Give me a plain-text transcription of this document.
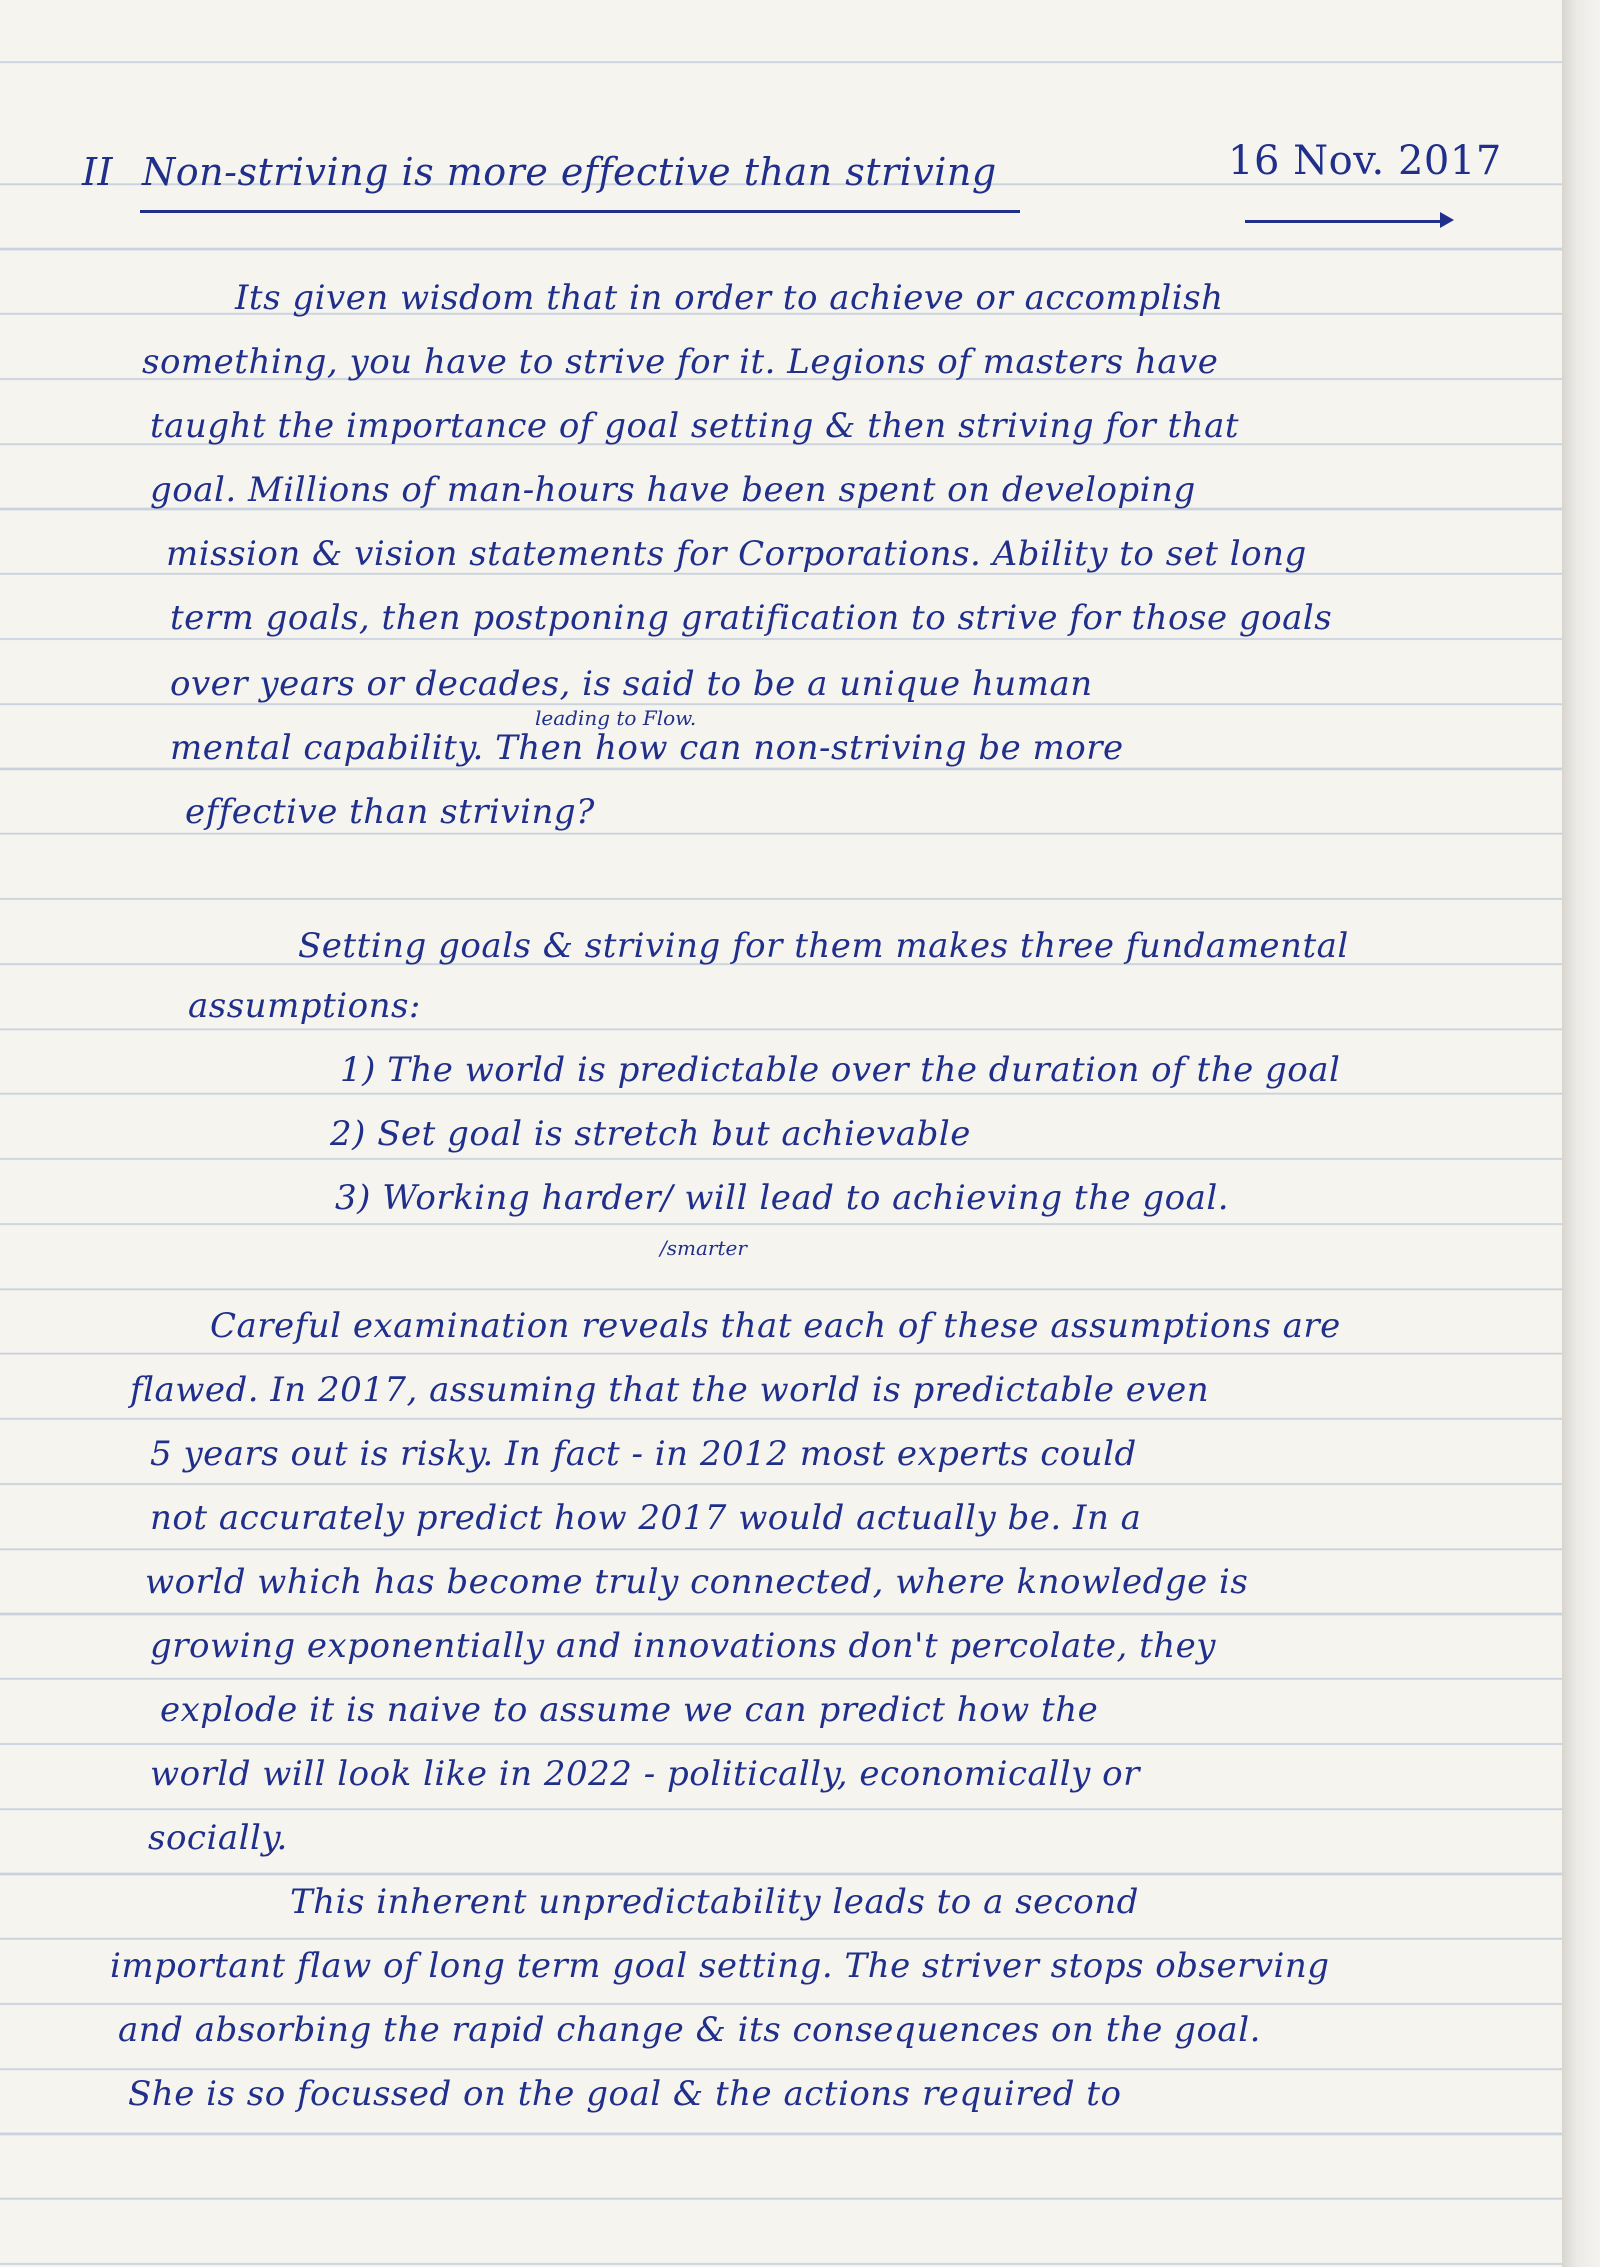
II Non-striving is more effective than striving	16 Nov. 2017
Its given wisdom that in order to achieve or accomplish
something, you have to strive for it. Legions of masters have
taught the importance of goal setting & then striving for that
goal. Millions of man-hours have been spent on developing
mission & vision statements for Corporations. Ability to set long
term goals, then postponing gratification to strive for those goals
over years or decades, is said to be a unique human
leading to Flow.
mental capability. Then how can non-striving be more
effective than striving?
Setting goals & striving for them makes three fundamental
assumptions:
1) The world is predictable over the duration of the goal
2) Set goal is stretch but achievable
3) Working harder/ will lead to achieving the goal.
/smarter
Careful examination reveals that each of these assumptions are
flawed. In 2017, assuming that the world is predictable even
5 years out is risky. In fact - in 2012 most experts could
not accurately predict how 2017 would actually be. In a
world which has become truly connected, where knowledge is
growing exponentially and innovations don't percolate, they
explode it is naive to assume we can predict how the
world will look like in 2022 - politically, economically or
socially.
This inherent unpredictability leads to a second
important flaw of long term goal setting. The striver stops observing
and absorbing the rapid change & its consequences on the goal.
She is so focussed on the goal & the actions required to
